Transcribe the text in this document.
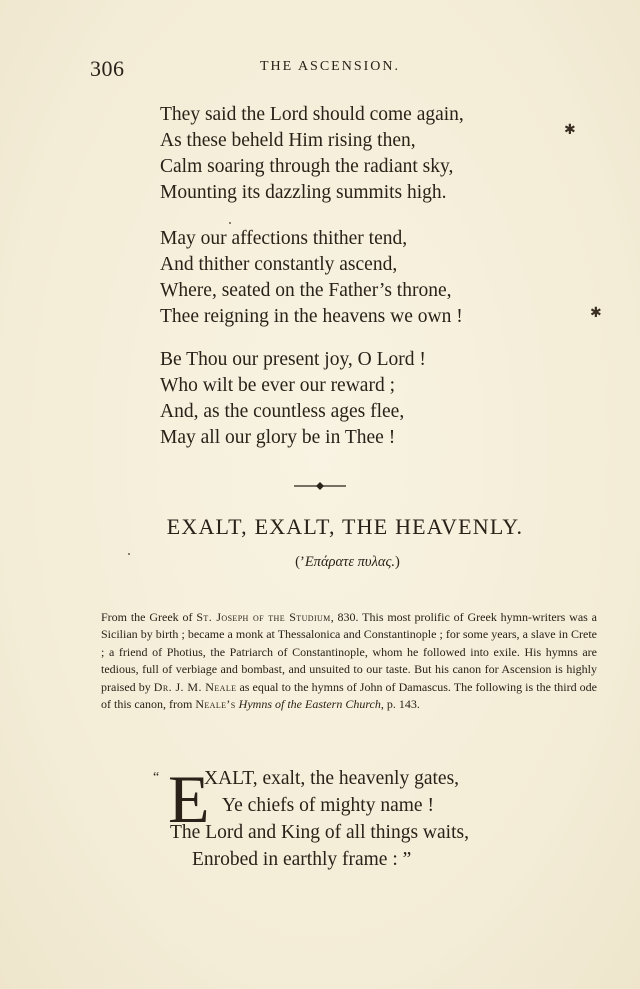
306	THE ASCENSION.
They said the Lord should come again,
As these beheld Him rising then,
Calm soaring through the radiant sky,
Mounting its dazzling summits high.
May our affections thither tend,
And thither constantly ascend,
Where, seated on the Father’s throne,
Thee reigning in the heavens we own !
Be Thou our present joy, O Lord !
Who wilt be ever our reward ;
And, as the countless ages flee,
May all our glory be in Thee !
EXALT, EXALT, THE HEAVENLY.
(’Επάρατε πυλας.)
From the Greek of St. Joseph of the Studium, 830. This most prolific of Greek hymn-writers was a Sicilian by birth ; became a monk at Thessalonica and Constantinople ; for some years, a slave in Crete ; a friend of Photius, the Patriarch of Constantinople, whom he followed into exile. His hymns are tedious, full of verbiage and bombast, and unsuited to our taste. But his canon for Ascension is highly praised by Dr. J. M. Neale as equal to the hymns of John of Damascus. The following is the third ode of this canon, from Neale’s Hymns of the Eastern Church, p. 143.
“ E
XALT, exalt, the heavenly gates,
Ye chiefs of mighty name !
The Lord and King of all things waits,
Enrobed in earthly frame : ”
✱
✱
